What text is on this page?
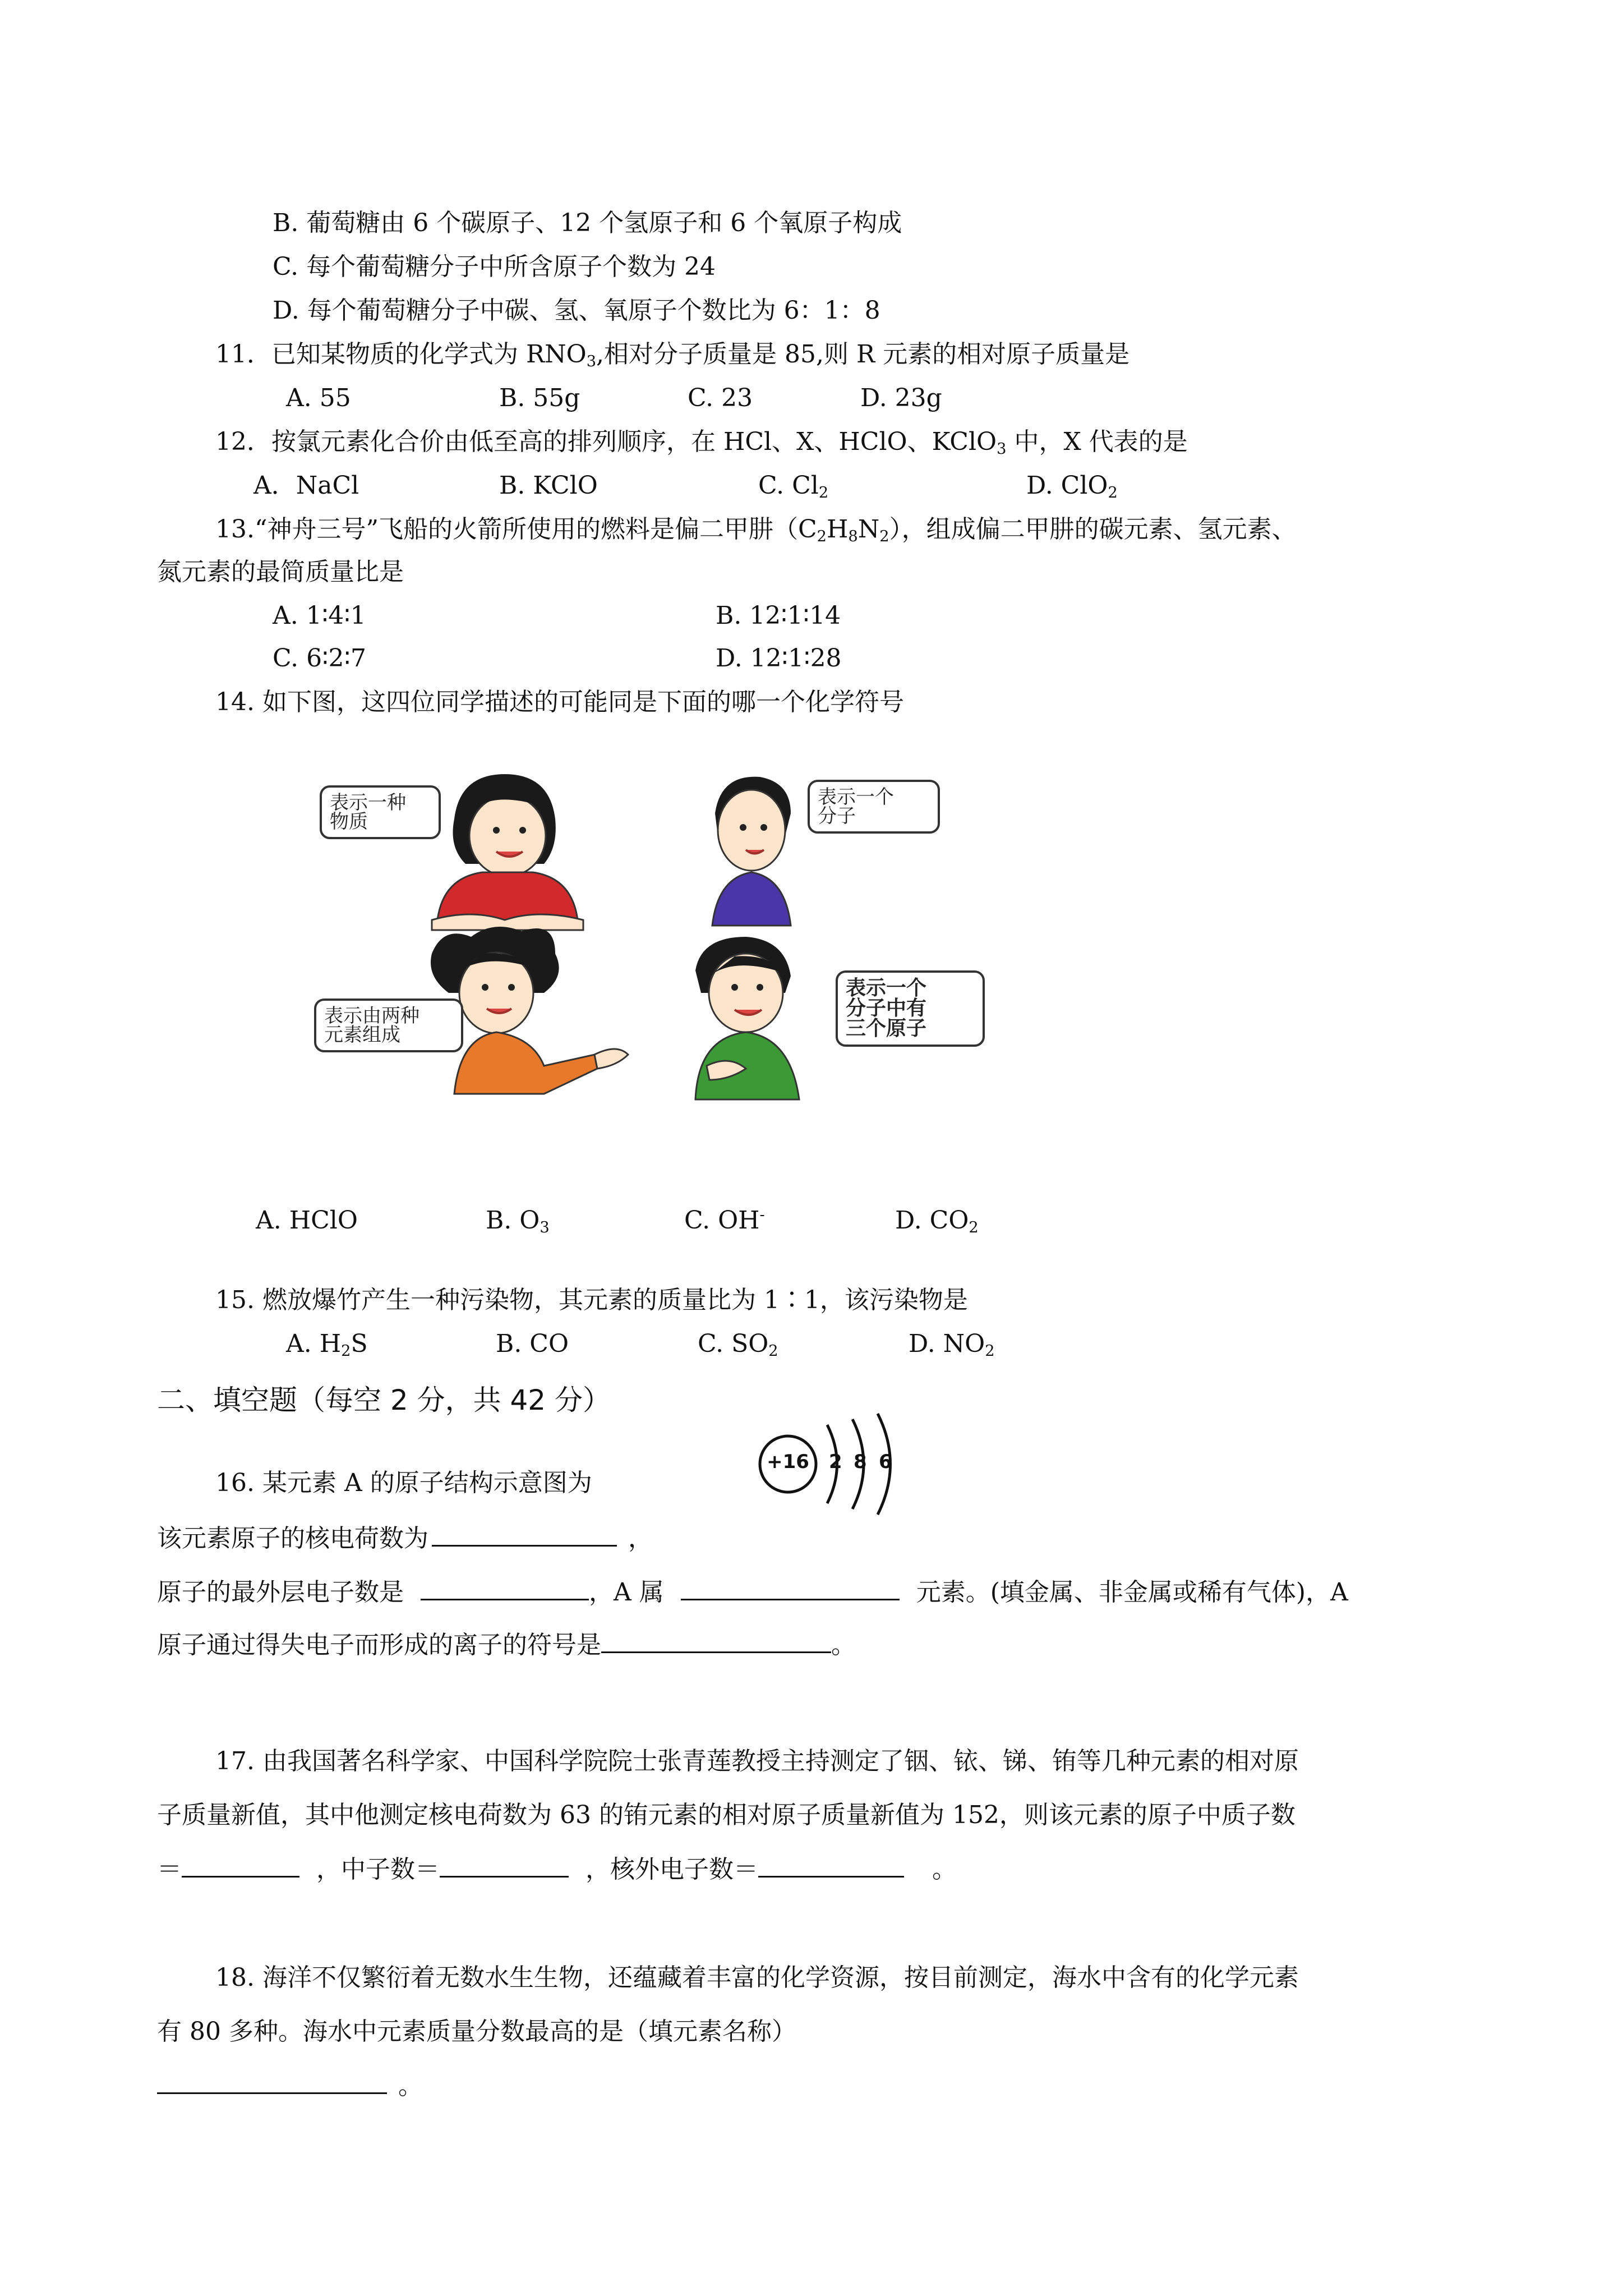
B. 葡萄糖由 6 个碳原子、12 个氢原子和 6 个氧原子构成
C. 每个葡萄糖分子中所含原子个数为 24
D. 每个葡萄糖分子中碳、氢、氧原子个数比为 6：1：8
11．已知某物质的化学式为 $RNO_3$,相对分子质量是 85,则 R 元素的相对原子质量是
A. 55	B. 55g	C. 23	D. 23g
12．按氯元素化合价由低至高的排列顺序，在 HCl、X、HClO、KClO$_3$ 中，X 代表的是
A．NaCl	B. KClO	C. $Cl_2$	D. ClO$_2$
13.“神舟三号”飞船的火箭所使用的燃料是偏二甲肼$(C_2H_8N_2)$，组成偏二甲肼的碳元素、氢元素、
氮元素的最简质量比是
A. 1∶4∶1	B. 12∶1∶14
C. 6∶2∶7	D. 12∶1∶28
14. 如下图，这四位同学描述的可能同是下面的哪一个化学符号
表示一种
物质
表示一个
分子
表示由两种
元素组成
表示一个
分子中有
三个原子
A. HClO	B. $O_3$	C. OH-	D. $CO_2$
15. 燃放爆竹产生一种污染物，其元素的质量比为 1∶1，该污染物是
A. $H_2S$	B. CO	C. $SO_2$	D. $NO_2$
二、填空题（每空 2 分，共 42 分）
+16 2 8 6
16. 某元素 A 的原子结构示意图为
该元素原子的核电荷数为	，
原子的最外层电子数是	，A 属	元素。(填金属、非金属或稀有气体)，A
原子通过得失电子而形成的离子的符号是	。
17. 由我国著名科学家、中国科学院院士张青莲教授主持测定了铟、铱、锑、铕等几种元素的相对原
子质量新值，其中他测定核电荷数为 63 的铕元素的相对原子质量新值为 152，则该元素的原子中质子数
＝	，中子数＝	，核外电子数＝	。
18. 海洋不仅繁衍着无数水生生物，还蕴藏着丰富的化学资源，按目前测定，海水中含有的化学元素
有 80 多种。海水中元素质量分数最高的是（填元素名称）
。
